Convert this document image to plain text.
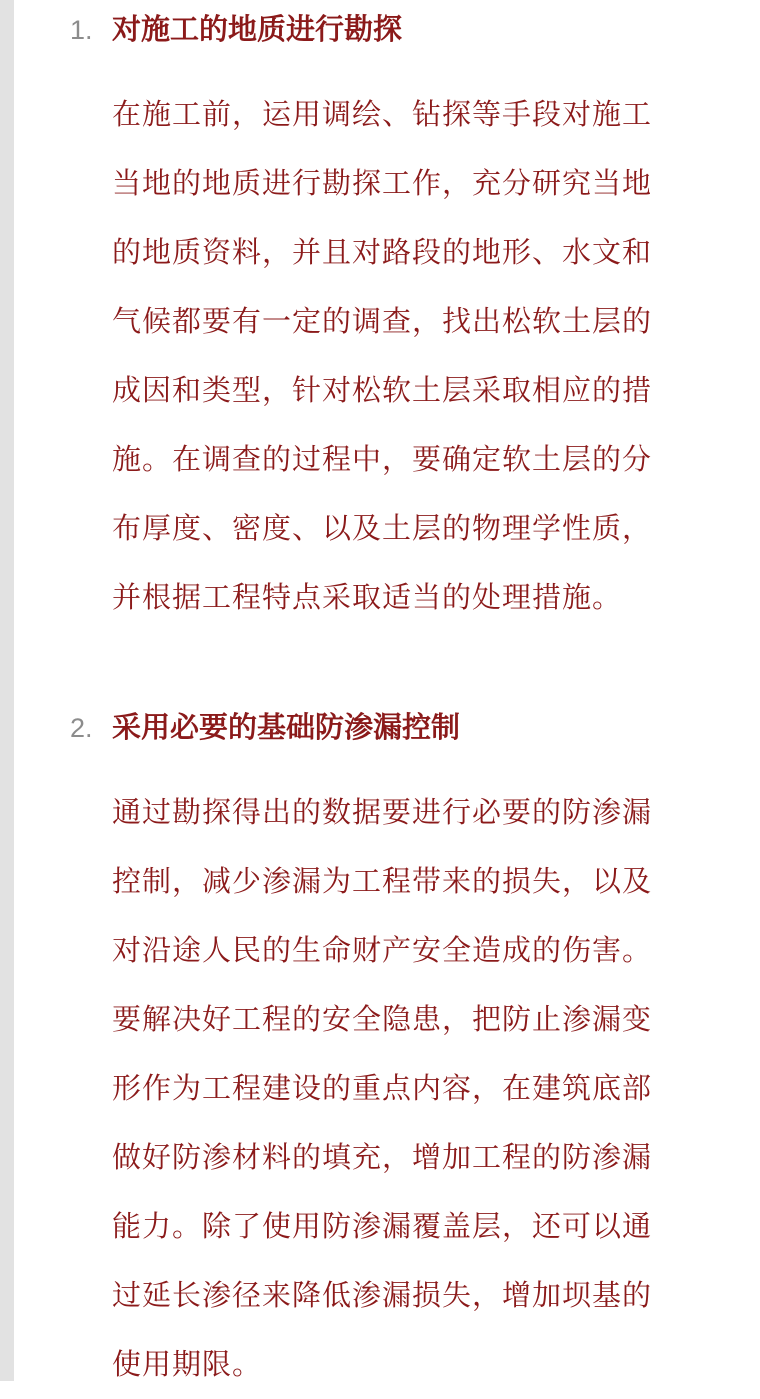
1. 对施工的地质进行勘探
在施工前，运用调绘、钻探等手段对施工
当地的地质进行勘探工作，充分研究当地
的地质资料，并且对路段的地形、水文和
气候都要有一定的调查，找出松软土层的
成因和类型，针对松软土层采取相应的措
施。在调查的过程中，要确定软土层的分
布厚度、密度、以及土层的物理学性质，
并根据工程特点采取适当的处理措施。
2. 采用必要的基础防渗漏控制
通过勘探得出的数据要进行必要的防渗漏
控制，减少渗漏为工程带来的损失，以及
对沿途人民的生命财产安全造成的伤害。
要解决好工程的安全隐患，把防止渗漏变
形作为工程建设的重点内容，在建筑底部
做好防渗材料的填充，增加工程的防渗漏
能力。除了使用防渗漏覆盖层，还可以通
过延长渗径来降低渗漏损失，增加坝基的
使用期限。
